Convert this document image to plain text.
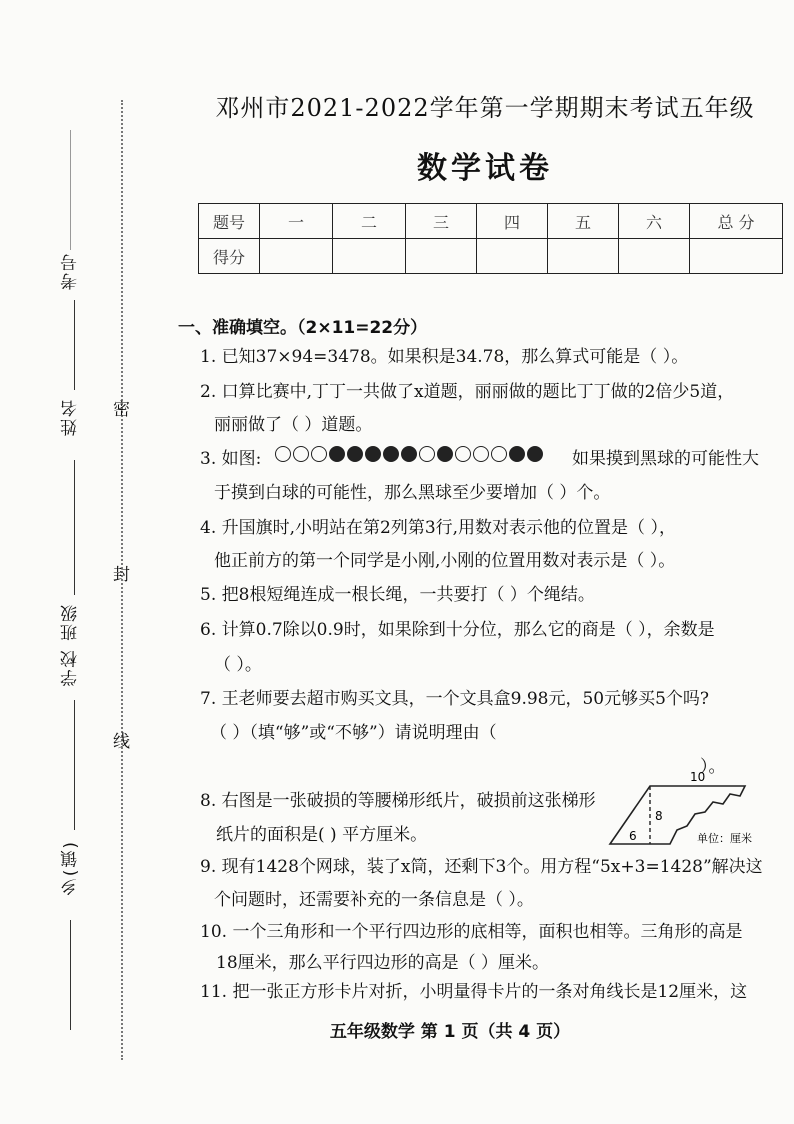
考号
姓名
学校 班级
乡(镇)
密
封
线
邓州市2021-2022学年第一学期期末考试五年级
数学试卷
题号	一	二	三	四	五	六	总 分
得分							
一、准确填空。（2×11=22分）
1. 已知37×94=3478。如果积是34.78，那么算式可能是（ ）。
2. 口算比赛中,丁丁一共做了x道题，丽丽做的题比丁丁做的2倍少5道，
丽丽做了（ ）道题。
3. 如图:	如果摸到黑球的可能性大
于摸到白球的可能性，那么黑球至少要增加（ ）个。
4. 升国旗时,小明站在第2列第3行,用数对表示他的位置是（ ），
他正前方的第一个同学是小刚,小刚的位置用数对表示是（ ）。
5. 把8根短绳连成一根长绳，一共要打（ ）个绳结。
6. 计算0.7除以0.9时，如果除到十分位，那么它的商是（ ），余数是
（ ）。
7. 王老师要去超市购买文具，一个文具盒9.98元，50元够买5个吗?
（ ）（填“够”或“不够”）请说明理由（
）。
8. 右图是一张破损的等腰梯形纸片，破损前这张梯形
纸片的面积是( ) 平方厘米。
10
8
6	单位：厘米
9. 现有1428个网球，装了x筒，还剩下3个。用方程“5x+3=1428”解决这
个问题时，还需要补充的一条信息是（ ）。
10. 一个三角形和一个平行四边形的底相等，面积也相等。三角形的高是
18厘米，那么平行四边形的高是（ ）厘米。
11. 把一张正方形卡片对折，小明量得卡片的一条对角线长是12厘米，这
五年级数学 第 1 页（共 4 页）
